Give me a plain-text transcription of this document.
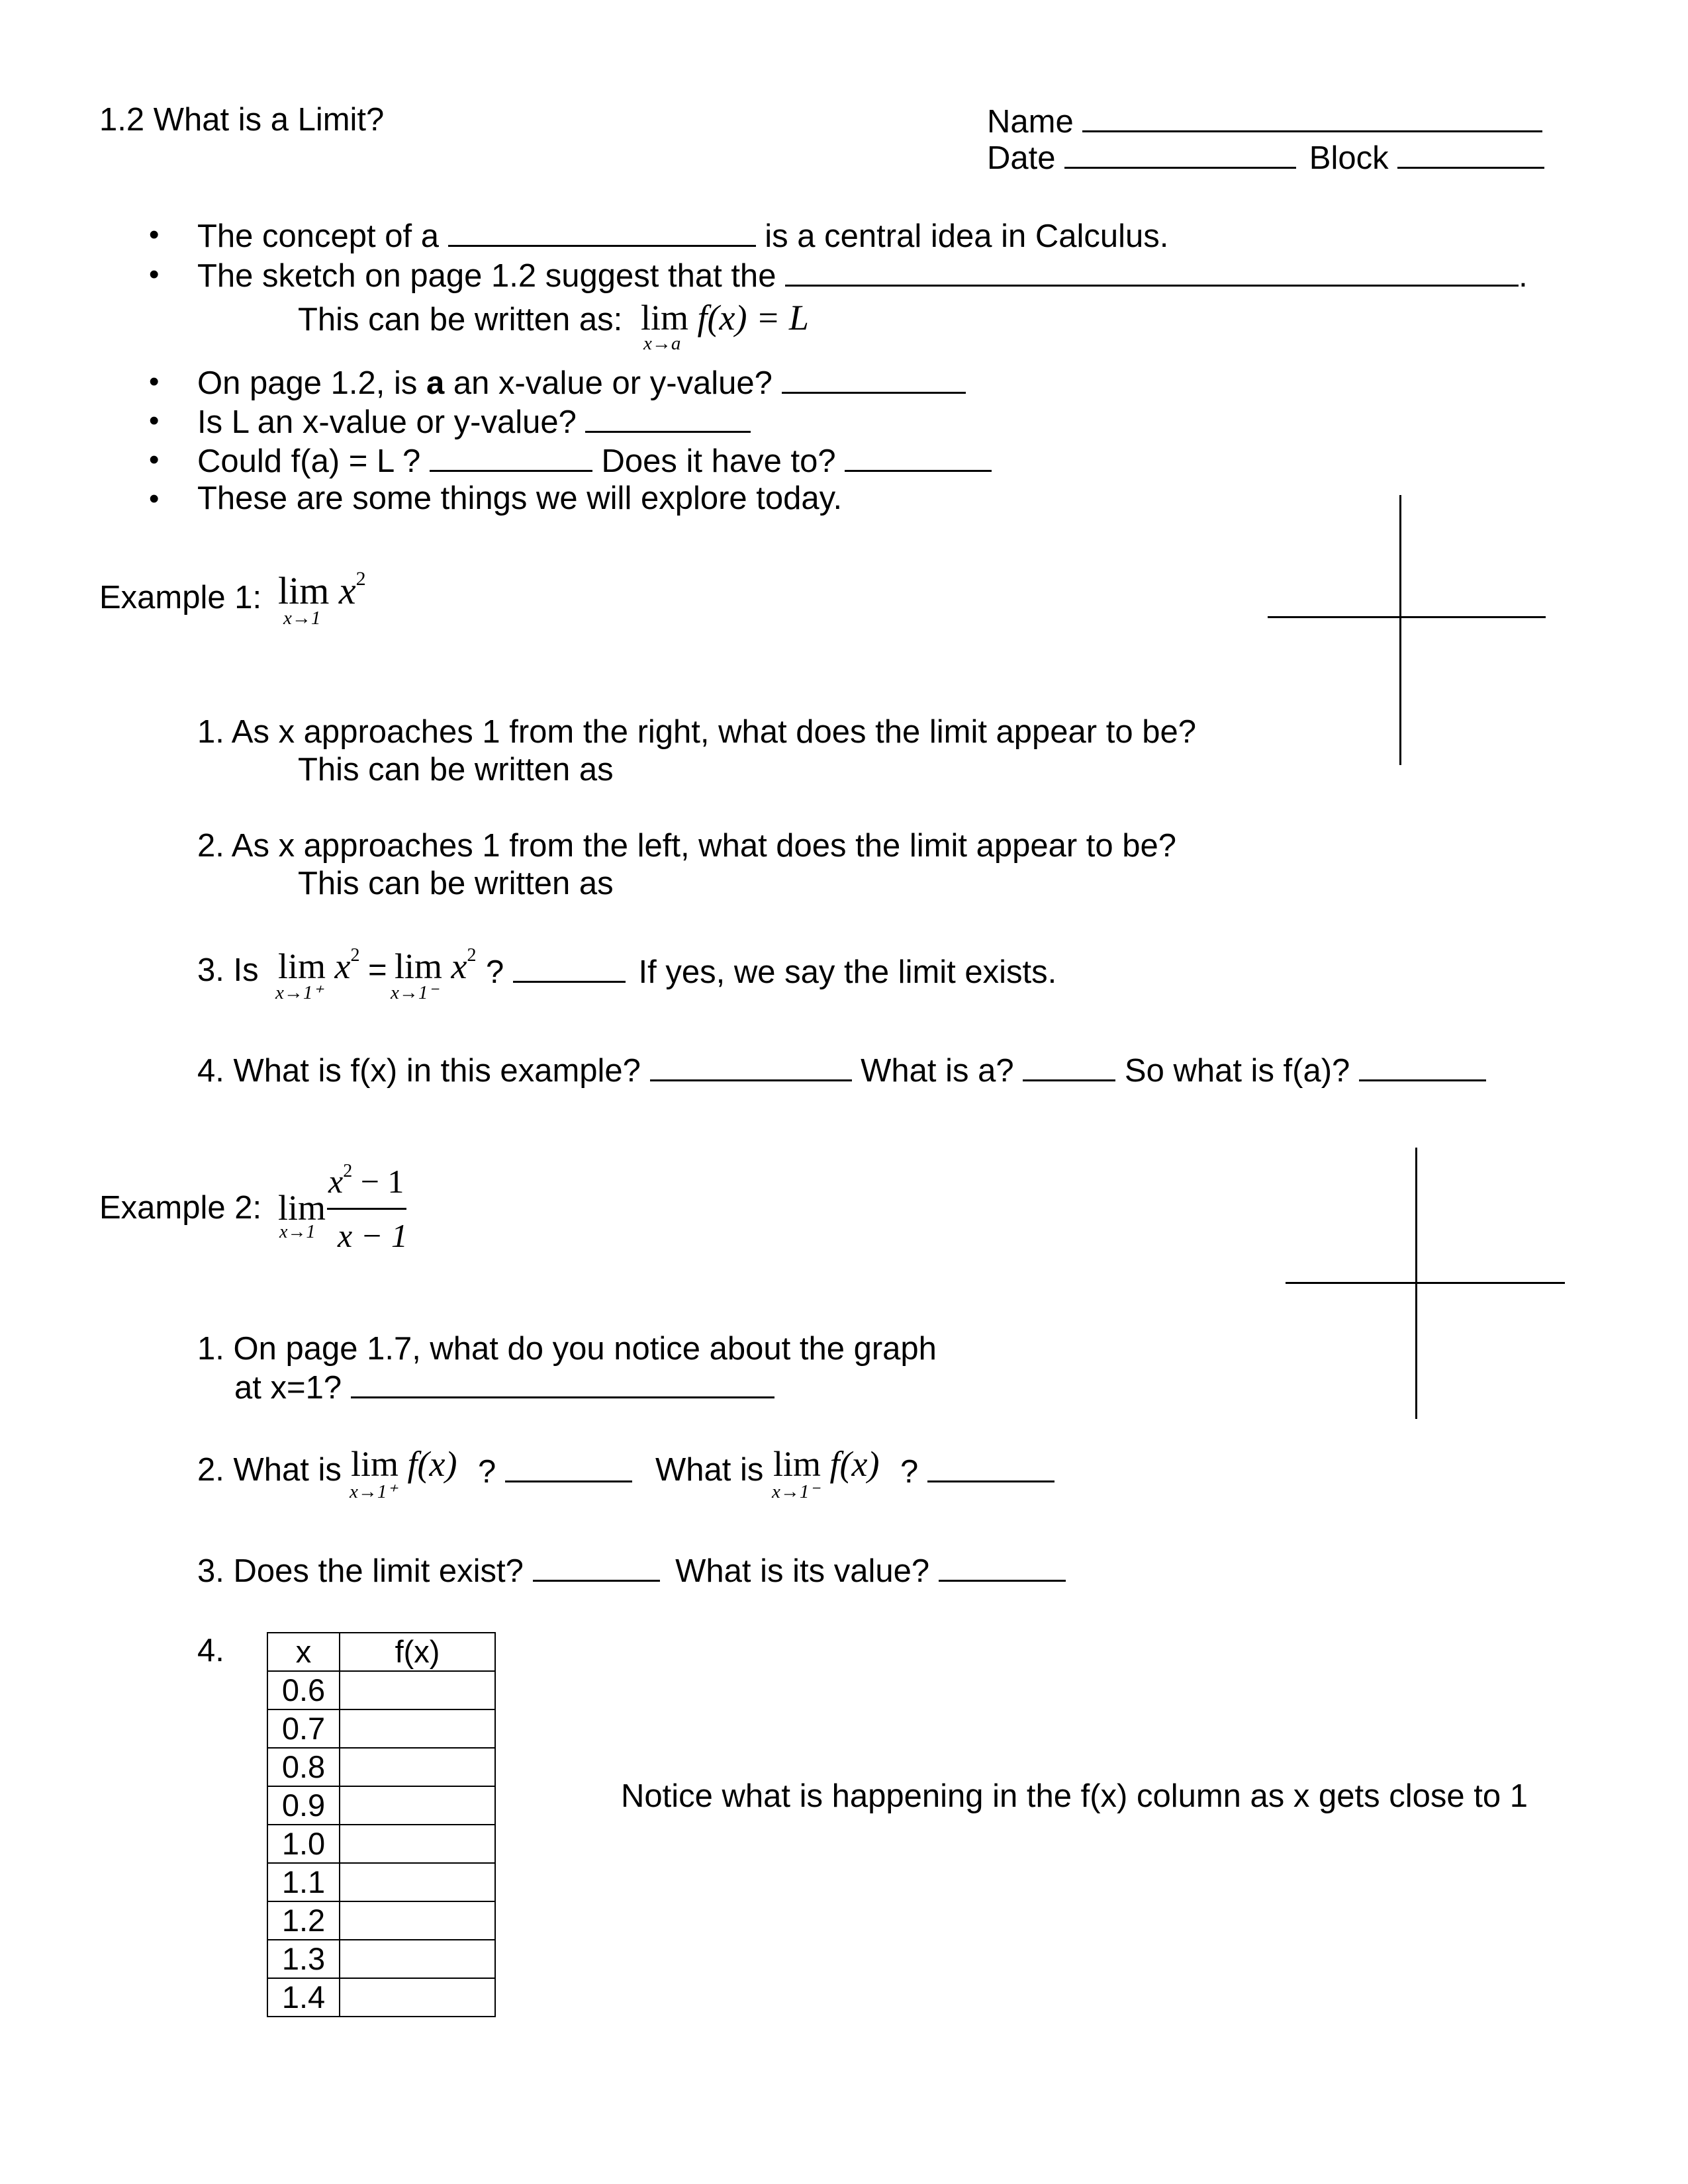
1.2 What is a Limit?	Name
Date	Block
• The concept of a	is a central idea in Calculus.
• The sketch on page 1.2 suggest that the	.
This can be written as: lim f(x) = L
x→a
• On page 1.2, is a an x-value or y-value?
• Is L an x-value or y-value?
• Could f(a) = L ?	Does it have to?
• These are some things we will explore today.
Example 1: $\lim x^2$
x→1
1. As x approaches 1 from the right, what does the limit appear to be?
This can be written as
2. As x approaches 1 from the left, what does the limit appear to be?
This can be written as
3. Is $\lim x^2$
x→1⁺
= $\lim x^2$
x→1⁻
?	If yes, we say the limit exists.
4. What is f(x) in this example?	What is a?	So what is f(a)?
Example 2: lim
x→1
$x^2 - 1$
x − 1
1. On page 1.7, what do you notice about the graph
at x=1?
2. What is lim f(x)
x→1⁺
?	What is lim f(x)
x→1⁻
?
3. Does the limit exist?	What is its value?
4. x	f(x)
0.6	
0.7	
0.8	
0.9	
1.0	
1.1	
1.2	
1.3	
1.4	
Notice what is happening in the f(x) column as x gets close to 1
